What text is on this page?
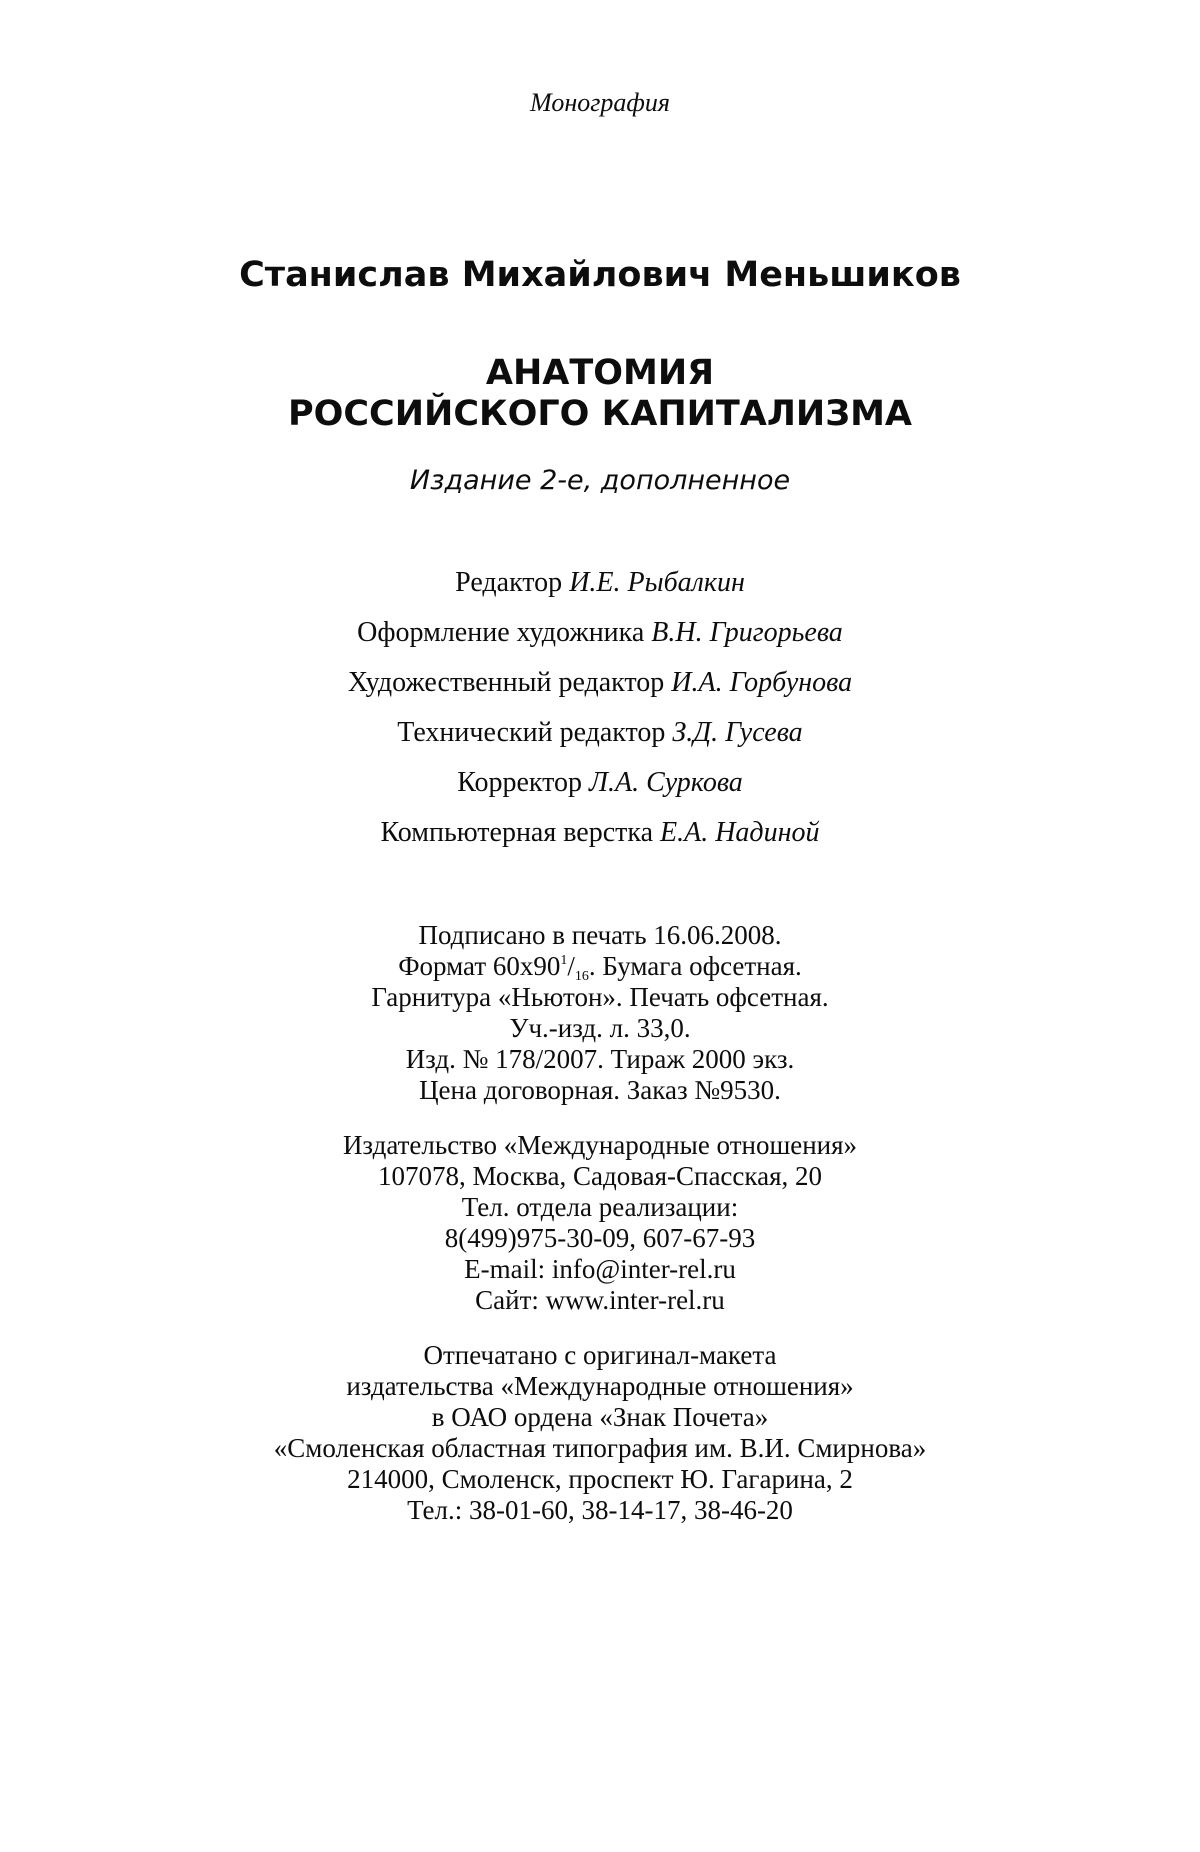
Монография
Станислав Михайлович Меньшиков
АНАТОМИЯ
РОССИЙСКОГО КАПИТАЛИЗМА
Издание 2-е, дополненное
Редактор И.Е. Рыбалкин
Оформление художника В.Н. Григорьева
Художественный редактор И.А. Горбунова
Технический редактор З.Д. Гусева
Корректор Л.А. Суркова
Компьютерная верстка Е.А. Надиной
Подписано в печать 16.06.2008.
Формат $60х90^1/_{16}$. Бумага офсетная.
Гарнитура «Ньютон». Печать офсетная.
Уч.-изд. л. 33,0.
Изд. № 178/2007. Тираж 2000 экз.
Цена договорная. Заказ №9530.
Издательство «Международные отношения»
107078, Москва, Садовая-Спасская, 20
Тел. отдела реализации:
8(499)975-30-09, 607-67-93
E-mail: info@inter-rel.ru
Сайт: www.inter-rel.ru
Отпечатано с оригинал-макета
издательства «Международные отношения»
в ОАО ордена «Знак Почета»
«Смоленская областная типография им. В.И. Смирнова»
214000, Смоленск, проспект Ю. Гагарина, 2
Тел.: 38-01-60, 38-14-17, 38-46-20
